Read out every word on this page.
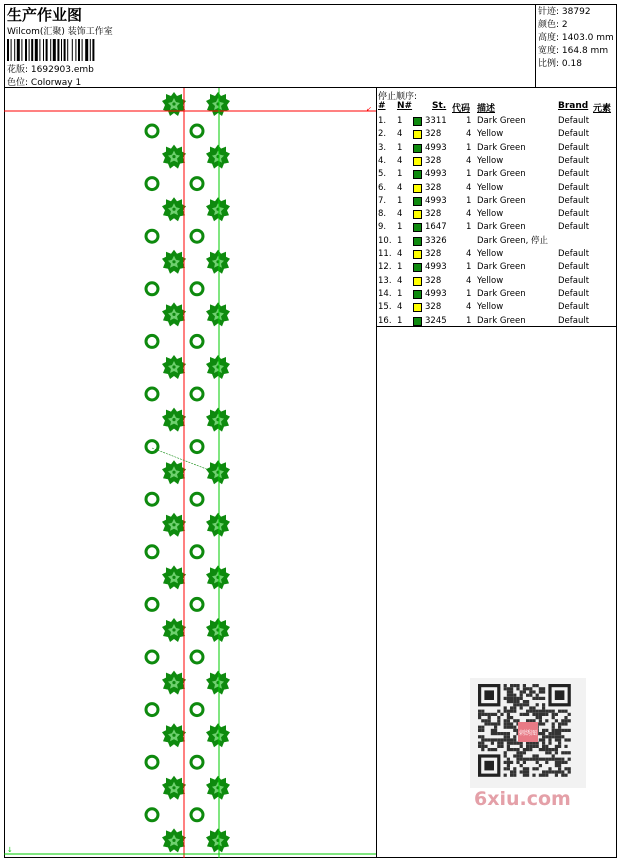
生产作业图
Wilcom(汇聚) 装饰工作室
花版: 1692903.emb
色位: Colorway 1
针迹: 38792
颜色: 2
高度: 1403.0 mm
宽度: 164.8 mm
比例: 0.18
↙
↓
停止顺序:
# N# St. 代码 描述	Brand 元素
1. 1	3311 1 Dark Green	Default
2. 4	328	4 Yellow	Default
3. 1	4993 1 Dark Green	Default
4. 4	328	4 Yellow	Default
5. 1	4993 1 Dark Green	Default
6. 4	328	4 Yellow	Default
7. 1	4993 1 Dark Green	Default
8. 4	328	4 Yellow	Default
9. 1	1647 1 Dark Green	Default
10. 1	3326	Dark Green, 停止
11. 4	328	4 Yellow	Default
12. 1	4993 1 Dark Green	Default
13. 4	328	4 Yellow	Default
14. 1	4993 1 Dark Green	Default
15. 4	328	4 Yellow	Default
16. 1	3245 1 Dark Green	Default
刺绣图
6xiu.com
